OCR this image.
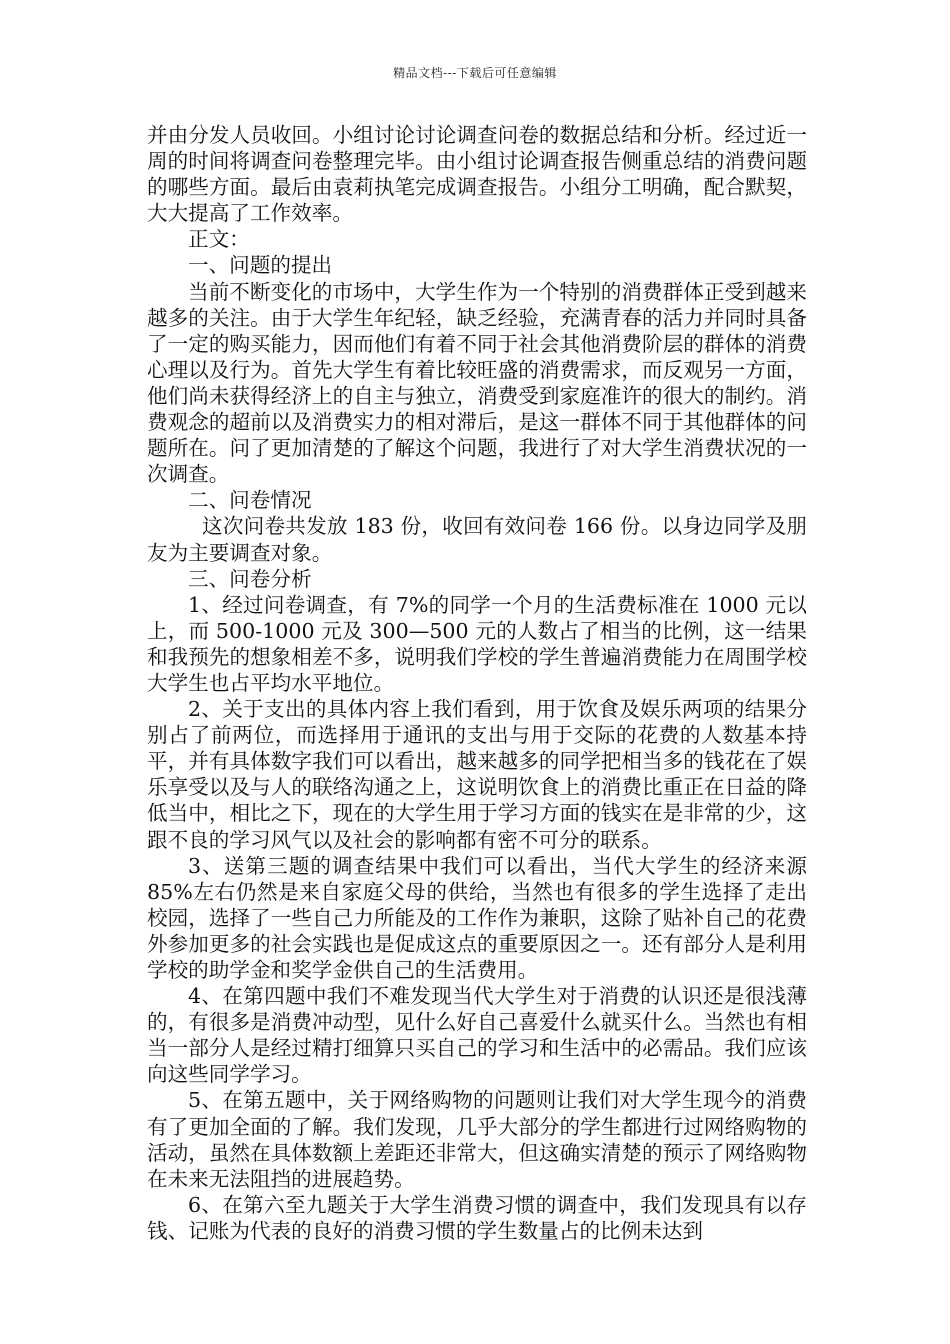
精品文档---下载后可任意编辑

并由分发人员收回。小组讨论讨论调查问卷的数据总结和分析。经过近一周的时间将调查问卷整理完毕。由小组讨论调查报告侧重总结的消费问题的哪些方面。最后由袁莉执笔完成调查报告。小组分工明确，配合默契，大大提高了工作效率。

正文：

一、问题的提出

当前不断变化的市场中，大学生作为一个特别的消费群体正受到越来越多的关注。由于大学生年纪轻，缺乏经验，充满青春的活力并同时具备了一定的购买能力，因而他们有着不同于社会其他消费阶层的群体的消费心理以及行为。首先大学生有着比较旺盛的消费需求，而反观另一方面，他们尚未获得经济上的自主与独立，消费受到家庭准许的很大的制约。消费观念的超前以及消费实力的相对滞后，是这一群体不同于其他群体的问题所在。问了更加清楚的了解这个问题，我进行了对大学生消费状况的一次调查。

二、问卷情况

这次问卷共发放 183 份，收回有效问卷 166 份。以身边同学及朋友为主要调查对象。

三、问卷分析

1、经过问卷调查，有 7%的同学一个月的生活费标准在 1000 元以上，而 500-1000 元及 300—500 元的人数占了相当的比例，这一结果和我预先的想象相差不多，说明我们学校的学生普遍消费能力在周围学校大学生也占平均水平地位。

2、关于支出的具体内容上我们看到，用于饮食及娱乐两项的结果分别占了前两位，而选择用于通讯的支出与用于交际的花费的人数基本持平，并有具体数字我们可以看出，越来越多的同学把相当多的钱花在了娱乐享受以及与人的联络沟通之上，这说明饮食上的消费比重正在日益的降低当中，相比之下，现在的大学生用于学习方面的钱实在是非常的少，这跟不良的学习风气以及社会的影响都有密不可分的联系。

3、送第三题的调查结果中我们可以看出，当代大学生的经济来源 85%左右仍然是来自家庭父母的供给，当然也有很多的学生选择了走出校园，选择了一些自己力所能及的工作作为兼职，这除了贴补自己的花费外参加更多的社会实践也是促成这点的重要原因之一。还有部分人是利用学校的助学金和奖学金供自己的生活费用。

4、在第四题中我们不难发现当代大学生对于消费的认识还是很浅薄的，有很多是消费冲动型，见什么好自己喜爱什么就买什么。当然也有相当一部分人是经过精打细算只买自己的学习和生活中的必需品。我们应该向这些同学学习。

5、在第五题中，关于网络购物的问题则让我们对大学生现今的消费有了更加全面的了解。我们发现，几乎大部分的学生都进行过网络购物的活动，虽然在具体数额上差距还非常大，但这确实清楚的预示了网络购物在未来无法阻挡的进展趋势。

6、在第六至九题关于大学生消费习惯的调查中，我们发现具有以存钱、记账为代表的良好的消费习惯的学生数量占的比例未达到
